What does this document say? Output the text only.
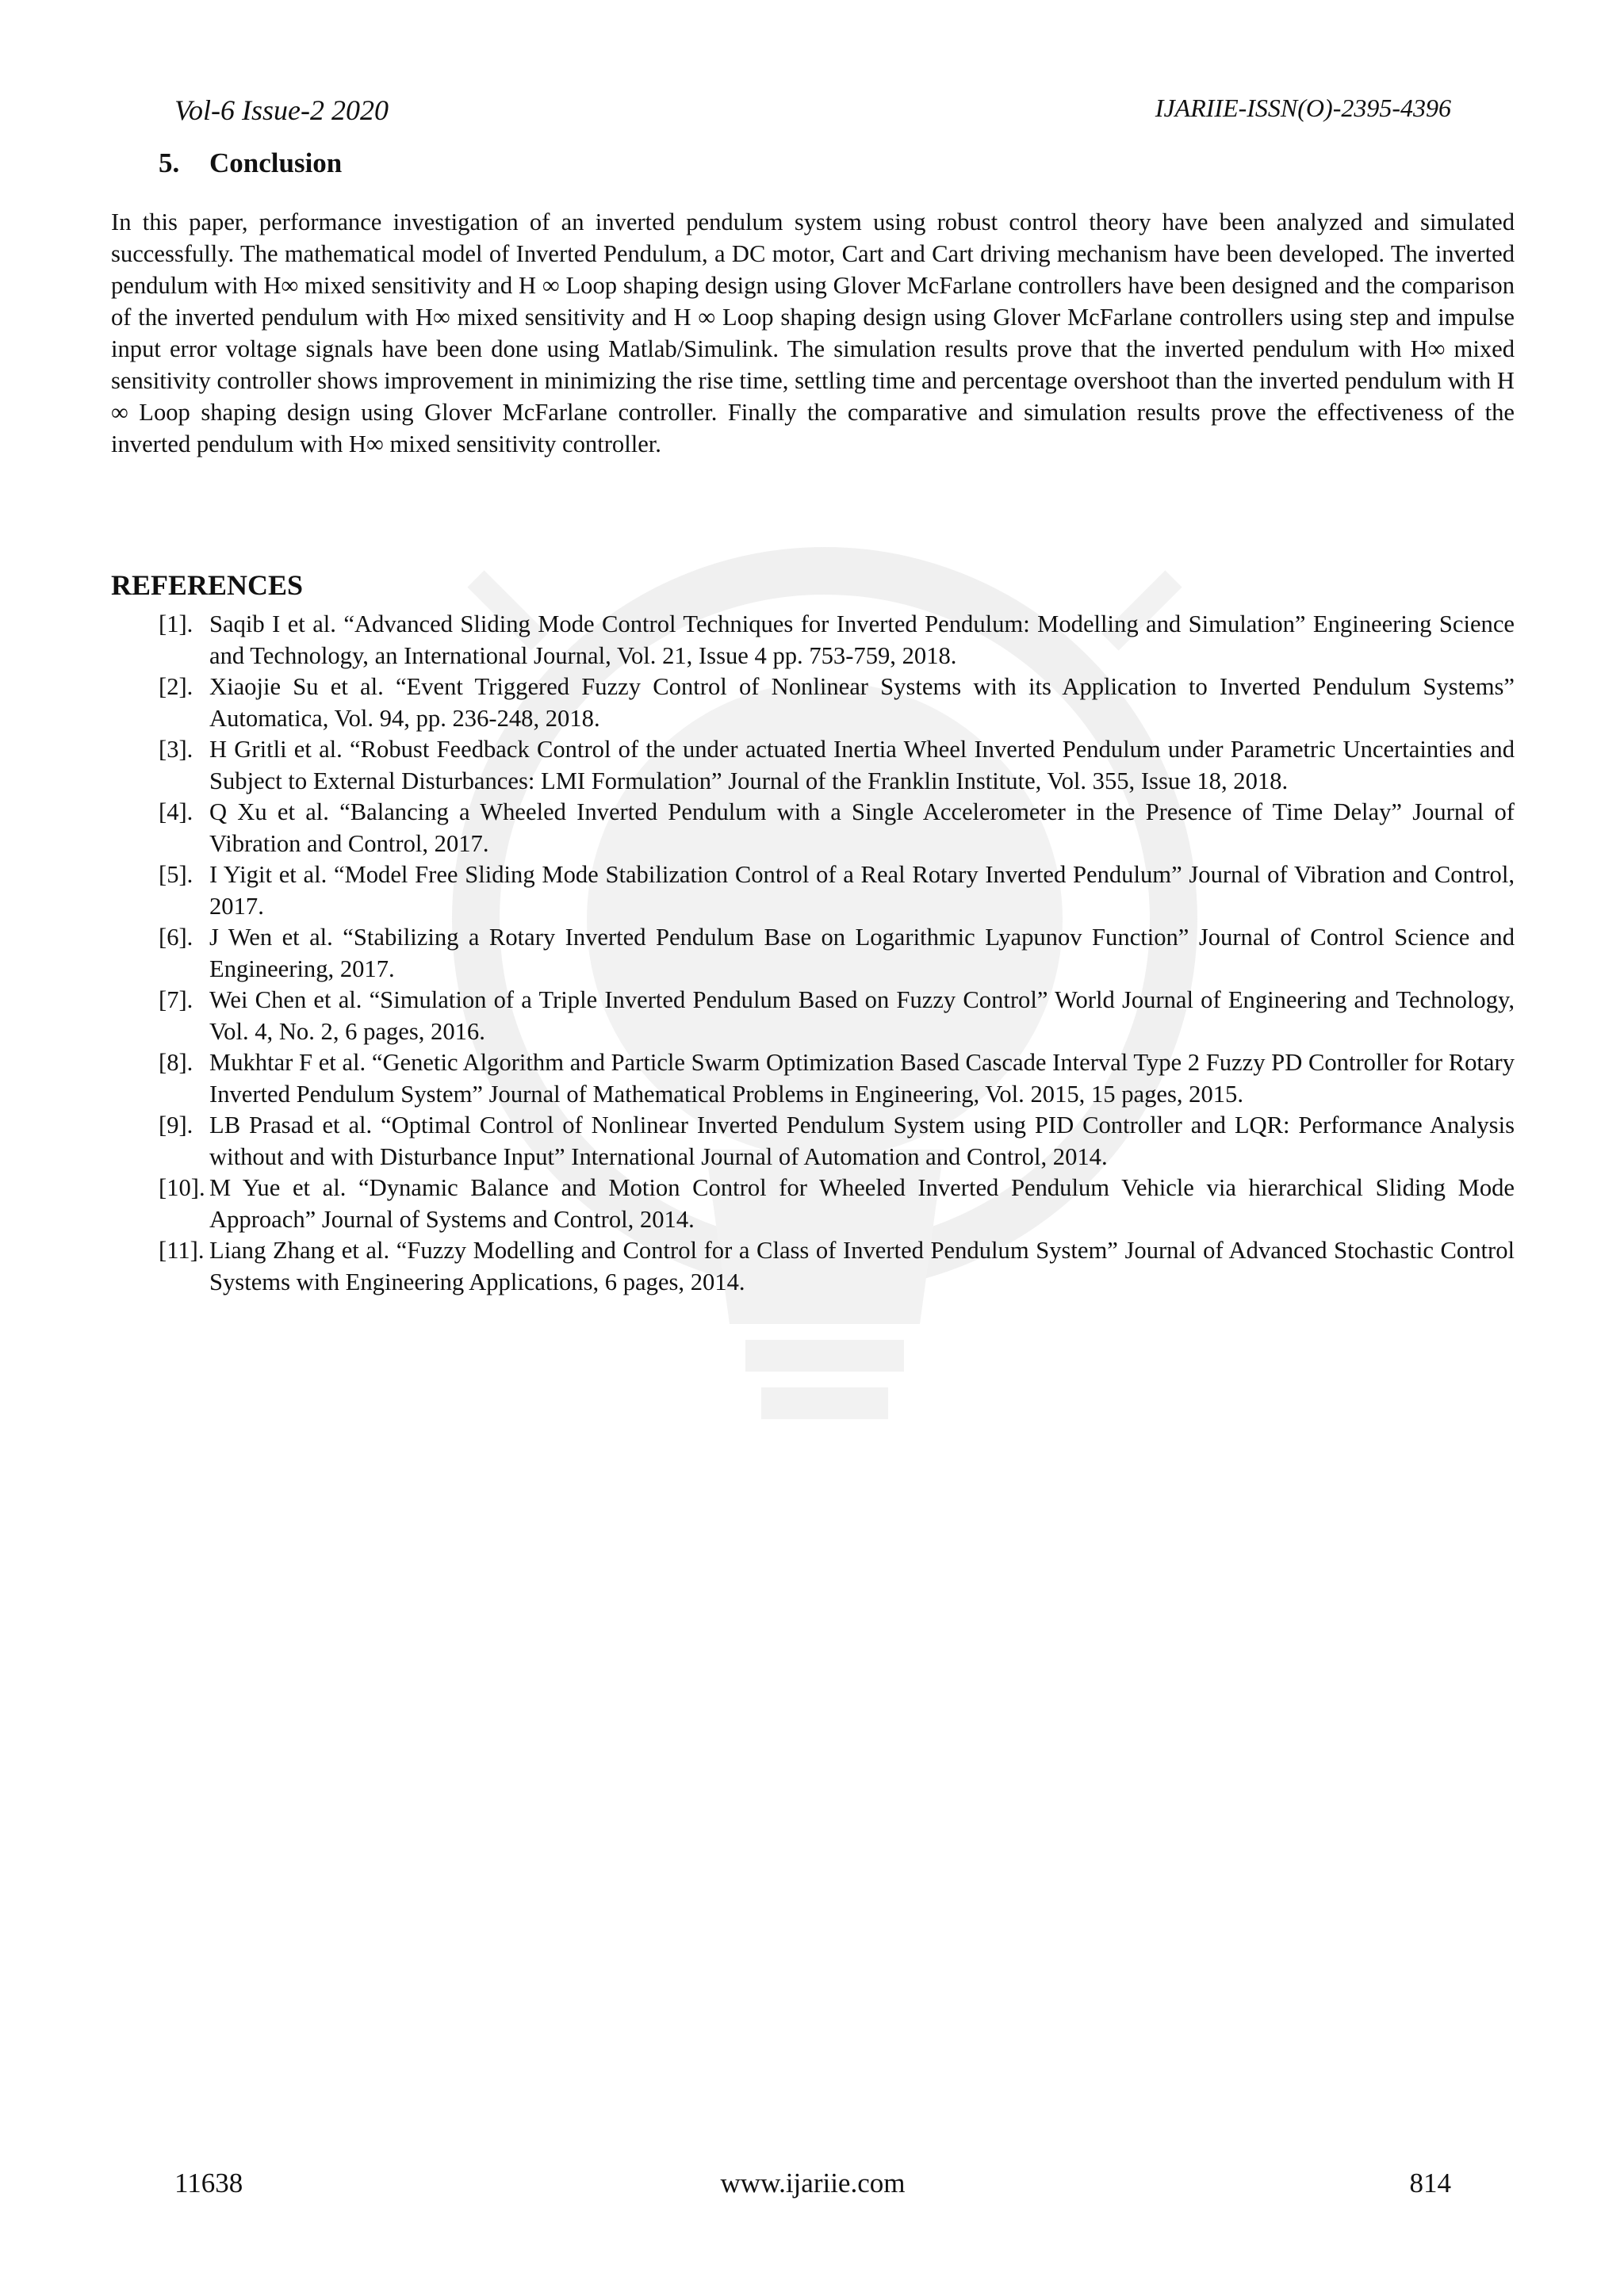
Vol-6 Issue-2 2020	IJARIIE-ISSN(O)-2395-4396
5. Conclusion

In this paper, performance investigation of an inverted pendulum system using robust control theory have been analyzed and simulated successfully. The mathematical model of Inverted Pendulum, a DC motor, Cart and Cart driving mechanism have been developed. The inverted pendulum with H∞ mixed sensitivity and H ∞ Loop shaping design using Glover McFarlane controllers have been designed and the comparison of the inverted pendulum with H∞ mixed sensitivity and H ∞ Loop shaping design using Glover McFarlane controllers using step and impulse input error voltage signals have been done using Matlab/Simulink. The simulation results prove that the inverted pendulum with H∞ mixed sensitivity controller shows improvement in minimizing the rise time, settling time and percentage overshoot than the inverted pendulum with H ∞ Loop shaping design using Glover McFarlane controller. Finally the comparative and simulation results prove the effectiveness of the inverted pendulum with H∞ mixed sensitivity controller.

REFERENCES
[1]. Saqib I et al. “Advanced Sliding Mode Control Techniques for Inverted Pendulum: Modelling and Simulation” Engineering Science and Technology, an International Journal, Vol. 21, Issue 4 pp. 753-759, 2018.
[2]. Xiaojie Su et al. “Event Triggered Fuzzy Control of Nonlinear Systems with its Application to Inverted Pendulum Systems” Automatica, Vol. 94, pp. 236-248, 2018.
[3]. H Gritli et al. “Robust Feedback Control of the under actuated Inertia Wheel Inverted Pendulum under Parametric Uncertainties and Subject to External Disturbances: LMI Formulation” Journal of the Franklin Institute, Vol. 355, Issue 18, 2018.
[4]. Q Xu et al. “Balancing a Wheeled Inverted Pendulum with a Single Accelerometer in the Presence of Time Delay” Journal of Vibration and Control, 2017.
[5]. I Yigit et al. “Model Free Sliding Mode Stabilization Control of a Real Rotary Inverted Pendulum” Journal of Vibration and Control, 2017.
[6]. J Wen et al. “Stabilizing a Rotary Inverted Pendulum Base on Logarithmic Lyapunov Function” Journal of Control Science and Engineering, 2017.
[7]. Wei Chen et al. “Simulation of a Triple Inverted Pendulum Based on Fuzzy Control” World Journal of Engineering and Technology, Vol. 4, No. 2, 6 pages, 2016.
[8]. Mukhtar F et al. “Genetic Algorithm and Particle Swarm Optimization Based Cascade Interval Type 2 Fuzzy PD Controller for Rotary Inverted Pendulum System” Journal of Mathematical Problems in Engineering, Vol. 2015, 15 pages, 2015.
[9]. LB Prasad et al. “Optimal Control of Nonlinear Inverted Pendulum System using PID Controller and LQR: Performance Analysis without and with Disturbance Input” International Journal of Automation and Control, 2014.
[10]. M Yue et al. “Dynamic Balance and Motion Control for Wheeled Inverted Pendulum Vehicle via hierarchical Sliding Mode Approach” Journal of Systems and Control, 2014.
[11]. Liang Zhang et al. “Fuzzy Modelling and Control for a Class of Inverted Pendulum System” Journal of Advanced Stochastic Control Systems with Engineering Applications, 6 pages, 2014.
11638	www.ijariie.com	814
